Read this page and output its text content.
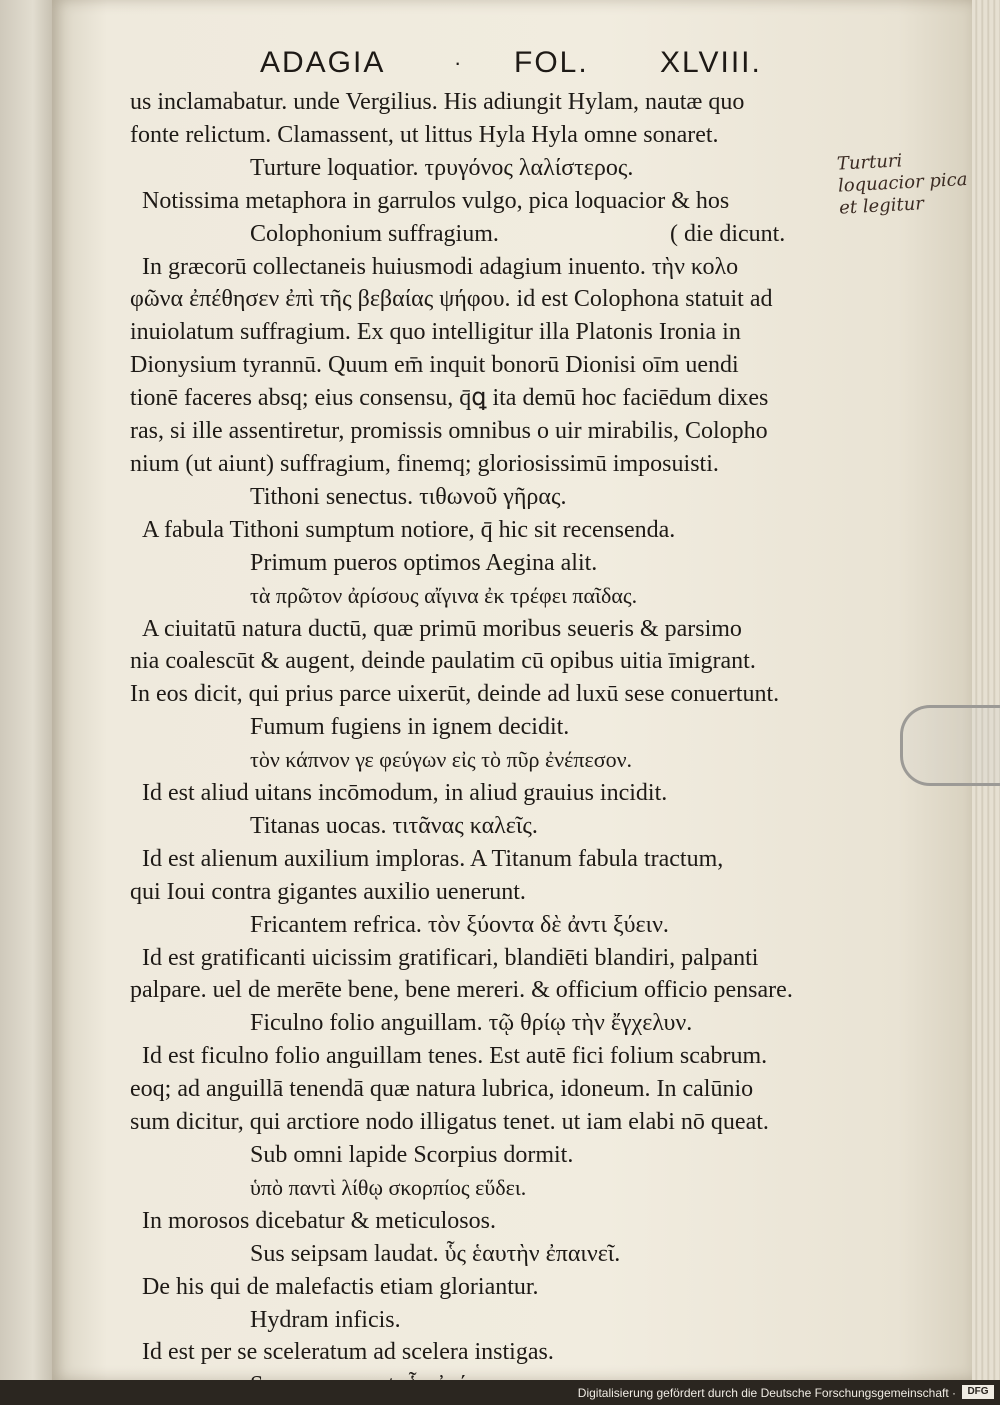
ADAGIA	· FOL. XLVIII.
us inclamabatur. unde Vergilius. His adiungit Hylam, nautæ quo
fonte relictum. Clamassent, ut littus Hyla Hyla omne sonaret.
Turture loquatior. τρυγόνος λαλίστερος.
Notissima metaphora in garrulos vulgo, pica loquacior & hos
Colophonium suffragium.	( die dicunt.
In græcorū collectaneis huiusmodi adagium inuento. τὴν κολο
φῶνα ἐπέθησεν ἐπὶ τῆς βεβαίας ψήφου. id est Colophona statuit ad
inuiolatum suffragium. Ex quo intelligitur illa Platonis Ironia in
Dionysium tyrannū. Quum em̄ inquit bonorū Dionisi oīm uendi
tionē faceres absq; eius consensu, q̄ꝗ ita demū hoc faciēdum dixes
ras, si ille assentiretur, promissis omnibus o uir mirabilis, Colopho
nium (ut aiunt) suffragium, finemq; gloriosissimū imposuisti.
Tithoni senectus. τιθωνοῦ γῆρας.
A fabula Tithoni sumptum notiore, q̄ hic sit recensenda.
Primum pueros optimos Aegina alit.
τὰ πρῶτον ἀρίσους αἴγινα ἐκ τρέφει παῖδας.
A ciuitatū natura ductū, quæ primū moribus seueris & parsimo
nia coalescūt & augent, deinde paulatim cū opibus uitia īmigrant.
In eos dicit, qui prius parce uixerūt, deinde ad luxū sese conuertunt.
Fumum fugiens in ignem decidit.
τὸν κάπνον γε φεύγων εἰς τὸ πῦρ ἐνέπεσον.
Id est aliud uitans incōmodum, in aliud grauius incidit.
Titanas uocas. τιτᾶνας καλεῖς.
Id est alienum auxilium imploras. A Titanum fabula tractum,
qui Ioui contra gigantes auxilio uenerunt.
Fricantem refrica. τὸν ξύοντα δὲ ἀντι ξύειν.
Id est gratificanti uicissim gratificari, blandiēti blandiri, palpanti
palpare. uel de merēte bene, bene mereri. & officium officio pensare.
Ficulno folio anguillam. τῷ θρίῳ τὴν ἔγχελυν.
Id est ficulno folio anguillam tenes. Est autē fici folium scabrum.
eoq; ad anguillā tenendā quæ natura lubrica, idoneum. In calūnio
sum dicitur, qui arctiore nodo illigatus tenet. ut iam elabi nō queat.
Sub omni lapide Scorpius dormit.
ὑπὸ παντὶ λίθῳ σκορπίος εὕδει.
In morosos dicebatur & meticulosos.
Sus seipsam laudat. ὗς ἑαυτὴν ἐπαινεῖ.
De his qui de malefactis etiam gloriantur.
Hydram inficis.
Id est per se sceleratum ad scelera instigas.
Turturi loquacior pica et legitur
Digitalisierung gefördert durch die Deutsche Forschungsgemeinschaft ·	DFG
